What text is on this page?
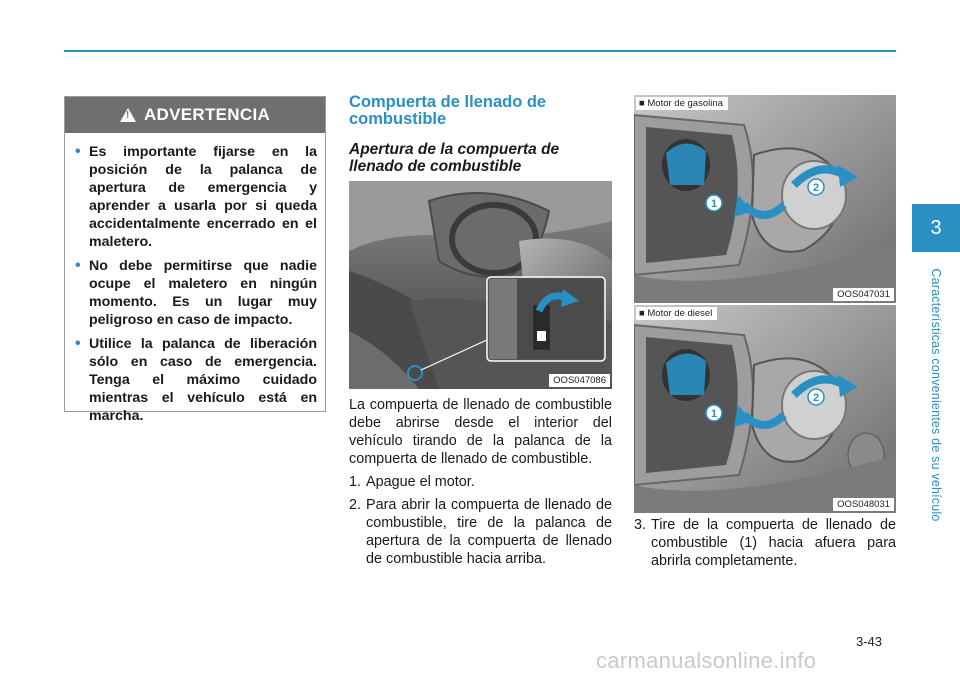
! ADVERTENCIA
• Es importante fijarse en la posición de la palanca de apertura de emergencia y aprender a usarla por si queda accidentalmente encerrado en el maletero.
• No debe permitirse que nadie ocupe el maletero en ningún momento. Es un lugar muy peligroso en caso de impacto.
• Utilice la palanca de liberación sólo en caso de emergencia. Tenga el máximo cuidado mientras el vehículo está en marcha.
Compuerta de llenado de combustible
Apertura de la compuerta de llenado de combustible
OOS047086
1
2
■ Motor de gasolina
OOS047031
1
2
■ Motor de diesel
OOS048031

La compuerta de llenado de combustible debe abrirse desde el interior del vehículo tirando de la palanca de la compuerta de llenado de combustible.

1. Apague el motor.
2. Para abrir la compuerta de llenado de combustible, tire de la palanca de apertura de la compuerta de llenado de combustible hacia arriba.
3. Tire de la compuerta de llenado de combustible (1) hacia afuera para abrirla completamente.
3
Características convenientes de su vehículo
3-43
carmanualsonline.info
